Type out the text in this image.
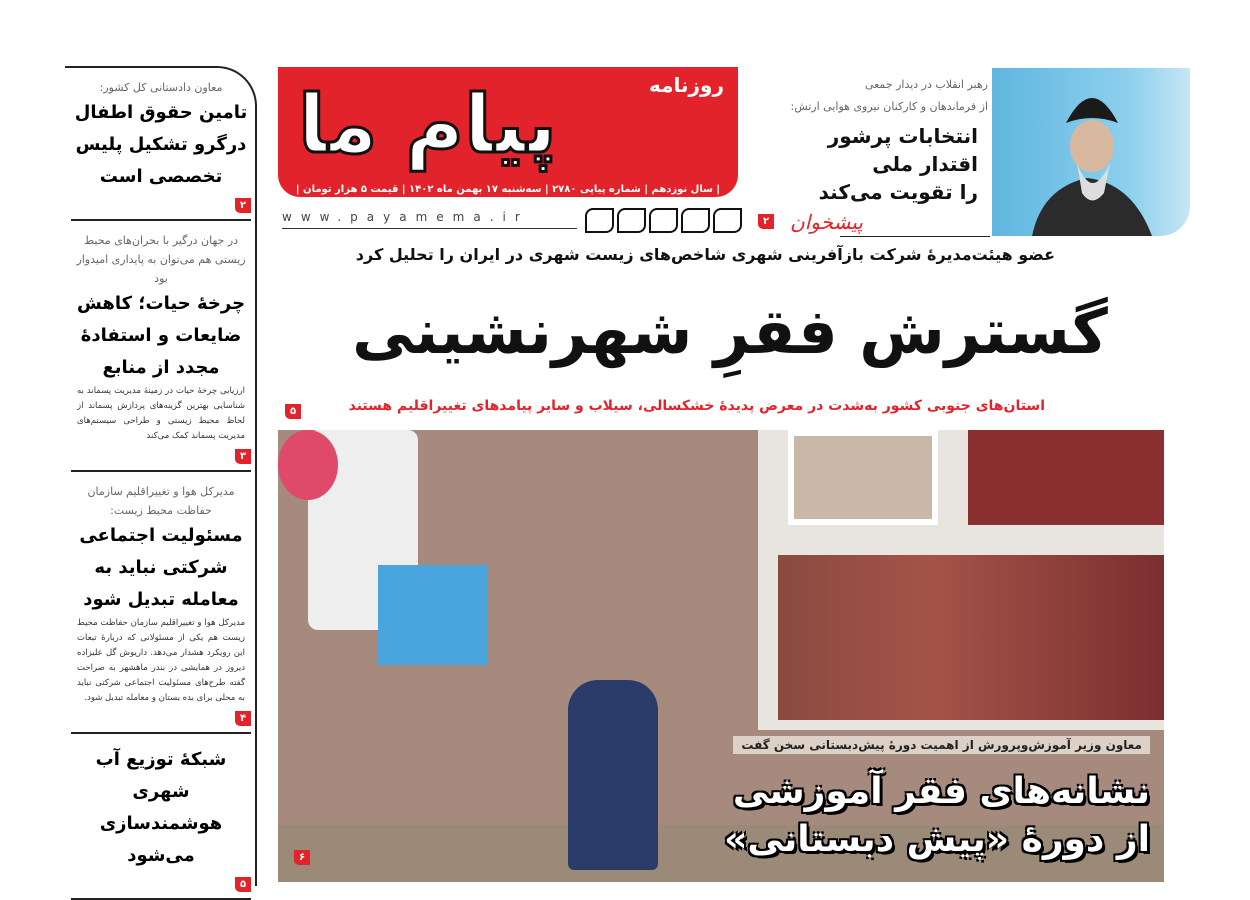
معاون دادستانی کل کشور:
تامین حقوق اطفال درگرو تشکیل پلیس تخصصی است
۲
در جهان درگیر با بحران‌های محیط زیستی هم می‌توان به پایداری امیدوار بود
چرخهٔ حیات؛ کاهش ضایعات و استفادهٔ مجدد از منابع
ارزیابی چرخهٔ حیات در زمینهٔ مدیریت پسماند به شناسایی بهترین گزینه‌های پردازش پسماند از لحاظ محیط زیستی و طراحی سیستم‌های مدیریت پسماند کمک می‌کند
۳
مدیرکل هوا و تغییراقلیم سازمان حفاظت محیط زیست:
مسئولیت اجتماعی شرکتی نباید به معامله تبدیل شود
مدیرکل هوا و تغییراقلیم سازمان حفاظت محیط زیست هم یکی از مسئولانی که دربارهٔ تبعات این رویکرد هشدار می‌دهد. داریوش گل علیزاده دیروز در همایشی در بندر ماهشهر به صراحت گفته طرح‌های مسئولیت اجتماعی شرکتی نباید به محلی برای بده بستان و معامله تبدیل شود.
۴
شبکهٔ توزیع آب شهری هوشمندسازی می‌شود
۵
پیام ما	روزنامه
| سال نوزدهم | شماره پیاپی ۲۷۸۰ | سه‌شنبه ۱۷ بهمن ماه ۱۴۰۲ | قیمت ۵ هزار تومان |
www.payamema.ir
رهبر انقلاب در دیدار جمعی
از فرماندهان و کارکنان نیروی هوایی ارتش:
انتخابات پرشور
اقتدار ملی
را تقویت می‌کند
۲ پیشخوان
عضو هیئت‌مدیرهٔ شرکت بازآفرینی شهری شاخص‌های زیست شهری در ایران را تحلیل کرد
گسترش فقرِ شهرنشینی
استان‌های جنوبی کشور به‌شدت در معرض پدیدهٔ خشکسالی، سیلاب و سایر پیامدهای تغییراقلیم هستند
۵
معاون وزیر آموزش‌وپرورش از اهمیت دورهٔ پیش‌دبستانی سخن گفت
نشانه‌های فقر آموزشی
از دورهٔ «پیش دبستانی»
۶
